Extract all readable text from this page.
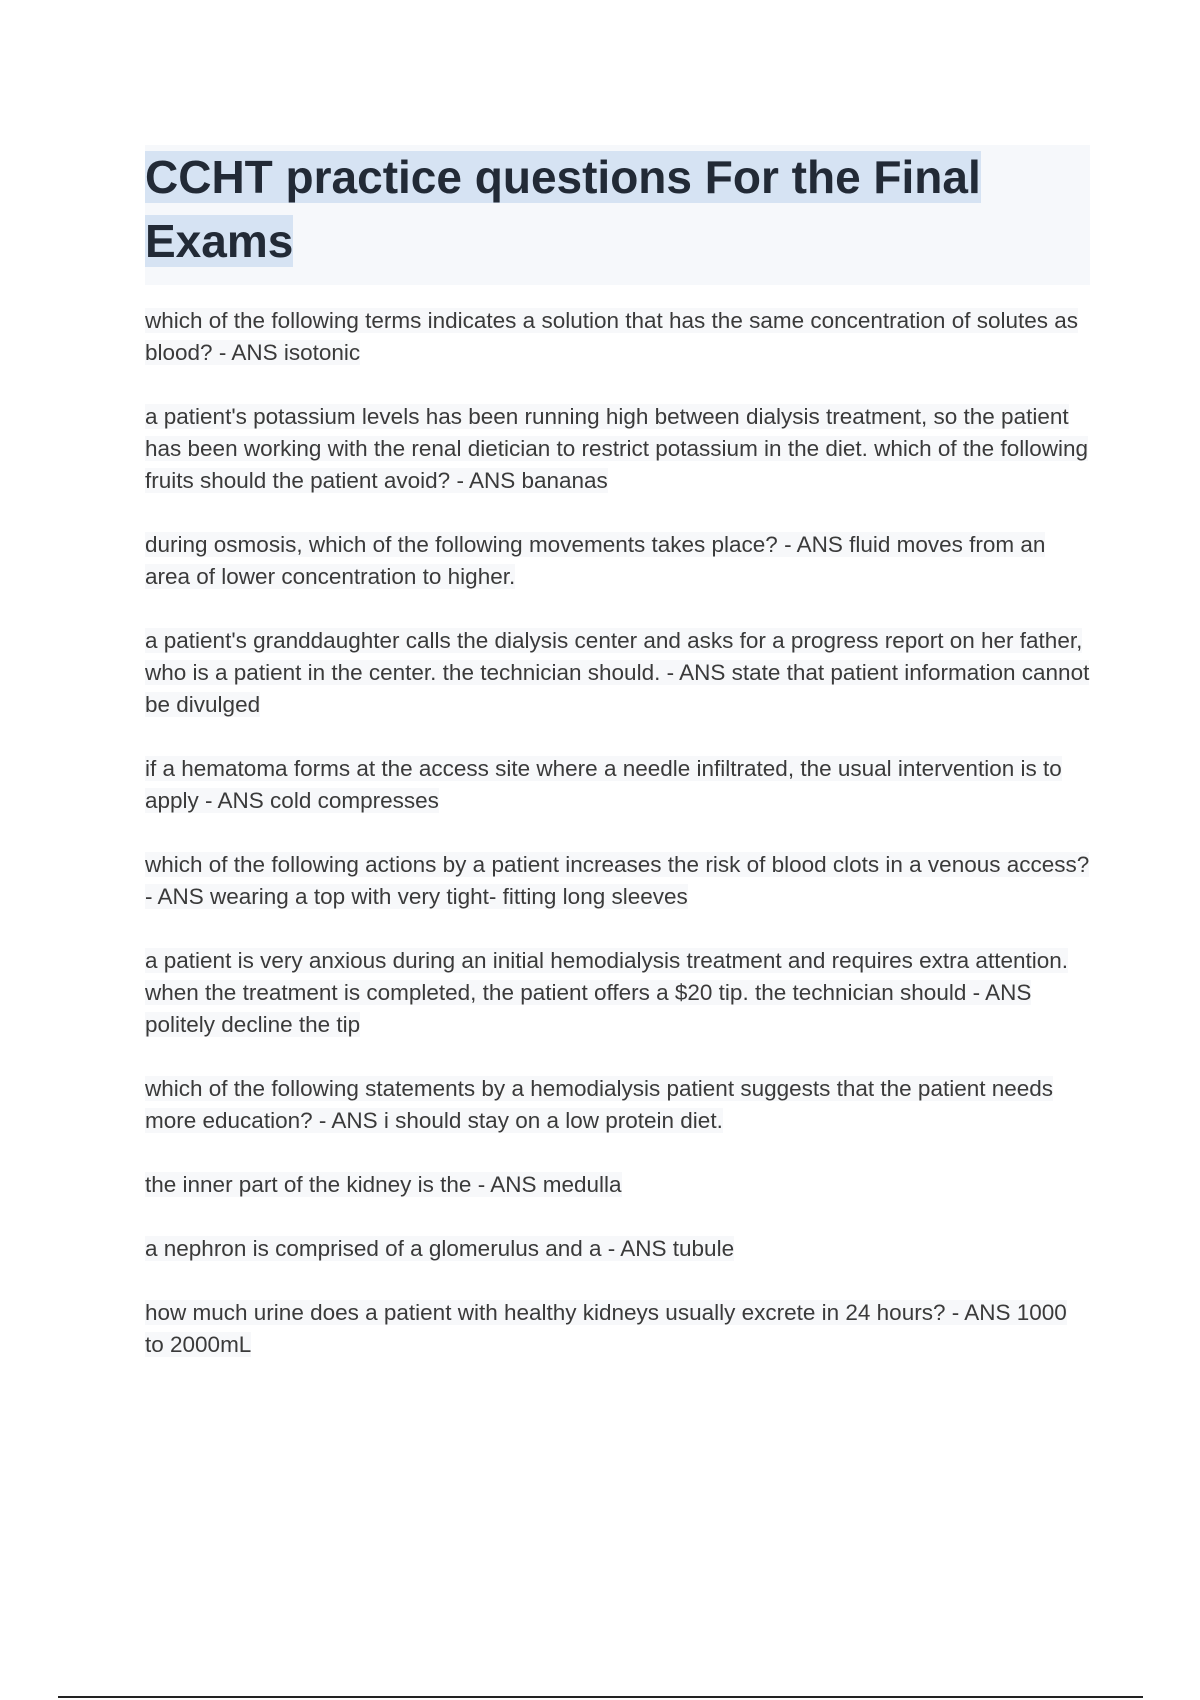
CCHT practice questions For the Final Exams
which of the following terms indicates a solution that has the same concentration of solutes as blood? - ANS isotonic
a patient's potassium levels has been running high between dialysis treatment, so the patient has been working with the renal dietician to restrict potassium in the diet. which of the following fruits should the patient avoid? - ANS bananas
during osmosis, which of the following movements takes place? - ANS fluid moves from an area of lower concentration to higher.
a patient's granddaughter calls the dialysis center and asks for a progress report on her father, who is a patient in the center. the technician should. - ANS state that patient information cannot be divulged
if a hematoma forms at the access site where a needle infiltrated, the usual intervention is to apply - ANS cold compresses
which of the following actions by a patient increases the risk of blood clots in a venous access? - ANS wearing a top with very tight- fitting long sleeves
a patient is very anxious during an initial hemodialysis treatment and requires extra attention. when the treatment is completed, the patient offers a $20 tip. the technician should - ANS politely decline the tip
which of the following statements by a hemodialysis patient suggests that the patient needs more education? - ANS i should stay on a low protein diet.
the inner part of the kidney is the - ANS medulla
a nephron is comprised of a glomerulus and a - ANS tubule
how much urine does a patient with healthy kidneys usually excrete in 24 hours? - ANS 1000 to 2000mL
